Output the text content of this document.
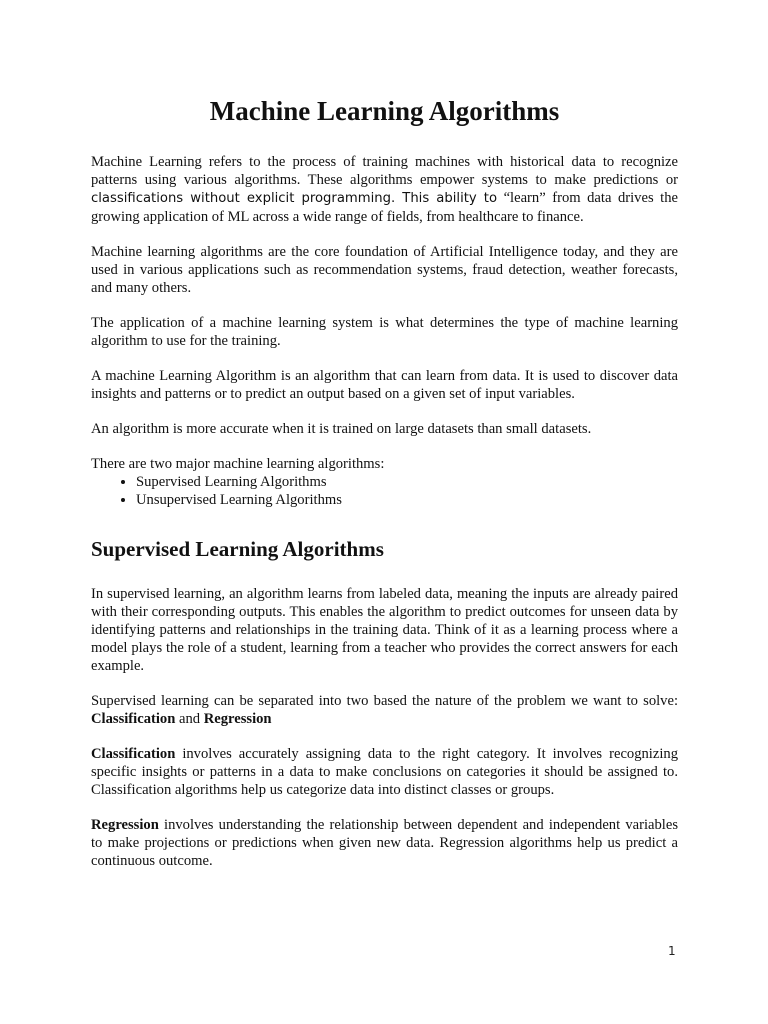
Machine Learning Algorithms

Machine Learning refers to the process of training machines with historical data to recognize patterns using various algorithms. These algorithms empower systems to make predictions or classifications without explicit programming. This ability to “learn” from data drives the growing application of ML across a wide range of fields, from healthcare to finance.

Machine learning algorithms are the core foundation of Artificial Intelligence today, and they are used in various applications such as recommendation systems, fraud detection, weather forecasts, and many others.

The application of a machine learning system is what determines the type of machine learning algorithm to use for the training.

A machine Learning Algorithm is an algorithm that can learn from data. It is used to discover data insights and patterns or to predict an output based on a given set of input variables.

An algorithm is more accurate when it is trained on large datasets than small datasets.

There are two major machine learning algorithms:

• Supervised Learning Algorithms
• Unsupervised Learning Algorithms
Supervised Learning Algorithms

In supervised learning, an algorithm learns from labeled data, meaning the inputs are already paired with their corresponding outputs. This enables the algorithm to predict outcomes for unseen data by identifying patterns and relationships in the training data. Think of it as a learning process where a model plays the role of a student, learning from a teacher who provides the correct answers for each example.

Supervised learning can be separated into two based the nature of the problem we want to solve: Classification and Regression

Classification involves accurately assigning data to the right category. It involves recognizing specific insights or patterns in a data to make conclusions on categories it should be assigned to. Classification algorithms help us categorize data into distinct classes or groups.

Regression involves understanding the relationship between dependent and independent variables to make projections or predictions when given new data. Regression algorithms help us predict a continuous outcome.

1
